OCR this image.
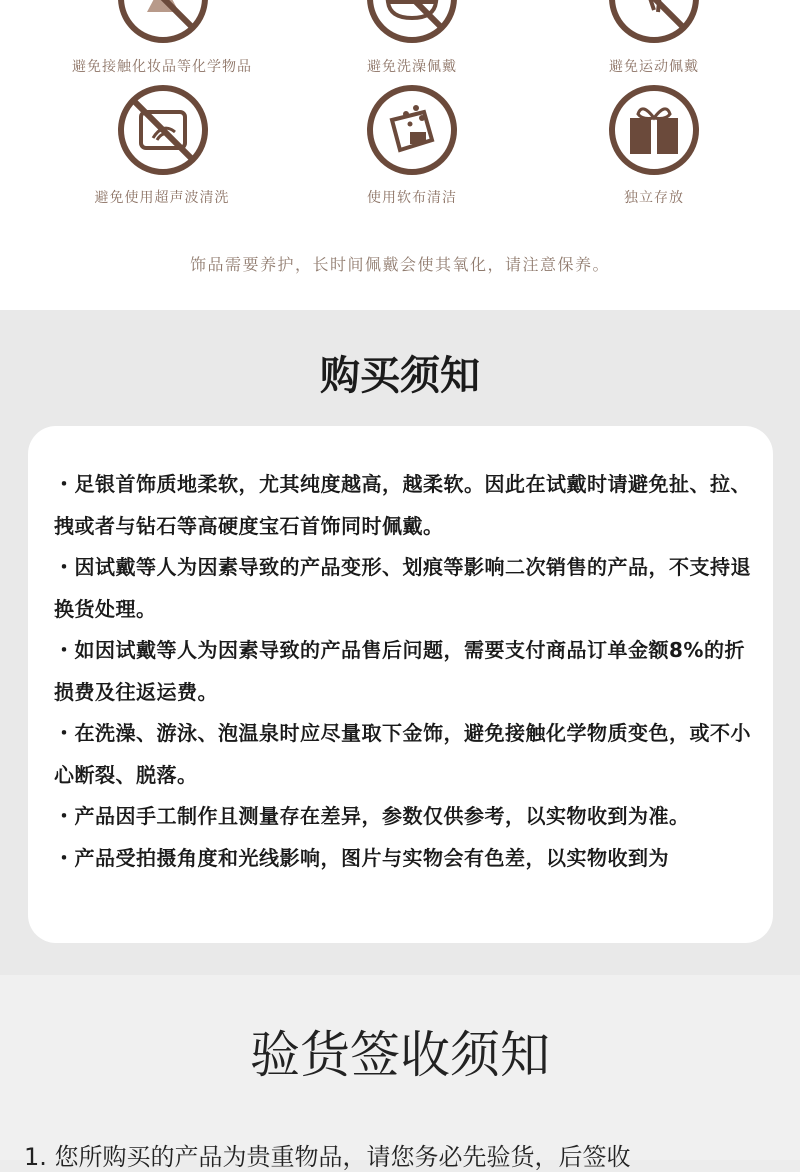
避免接触化妆品等化学物品	避免洗澡佩戴	避免运动佩戴
避免使用超声波清洗	使用软布清洁	独立存放
饰品需要养护，长时间佩戴会使其氧化，请注意保养。
购买须知

・足银首饰质地柔软，尤其纯度越高，越柔软。因此在试戴时请避免扯、拉、拽或者与钻石等高硬度宝石首饰同时佩戴。

・因试戴等人为因素导致的产品变形、划痕等影响二次销售的产品，不支持退换货处理。

・如因试戴等人为因素导致的产品售后问题，需要支付商品订单金额8%的折损费及往返运费。

・在洗澡、游泳、泡温泉时应尽量取下金饰，避免接触化学物质变色，或不小心断裂、脱落。

・产品因手工制作且测量存在差异，参数仅供参考，以实物收到为准。

・产品受拍摄角度和光线影响，图片与实物会有色差，以实物收到为

验货签收须知
1. 您所购买的产品为贵重物品，请您务必先验货，后签收
